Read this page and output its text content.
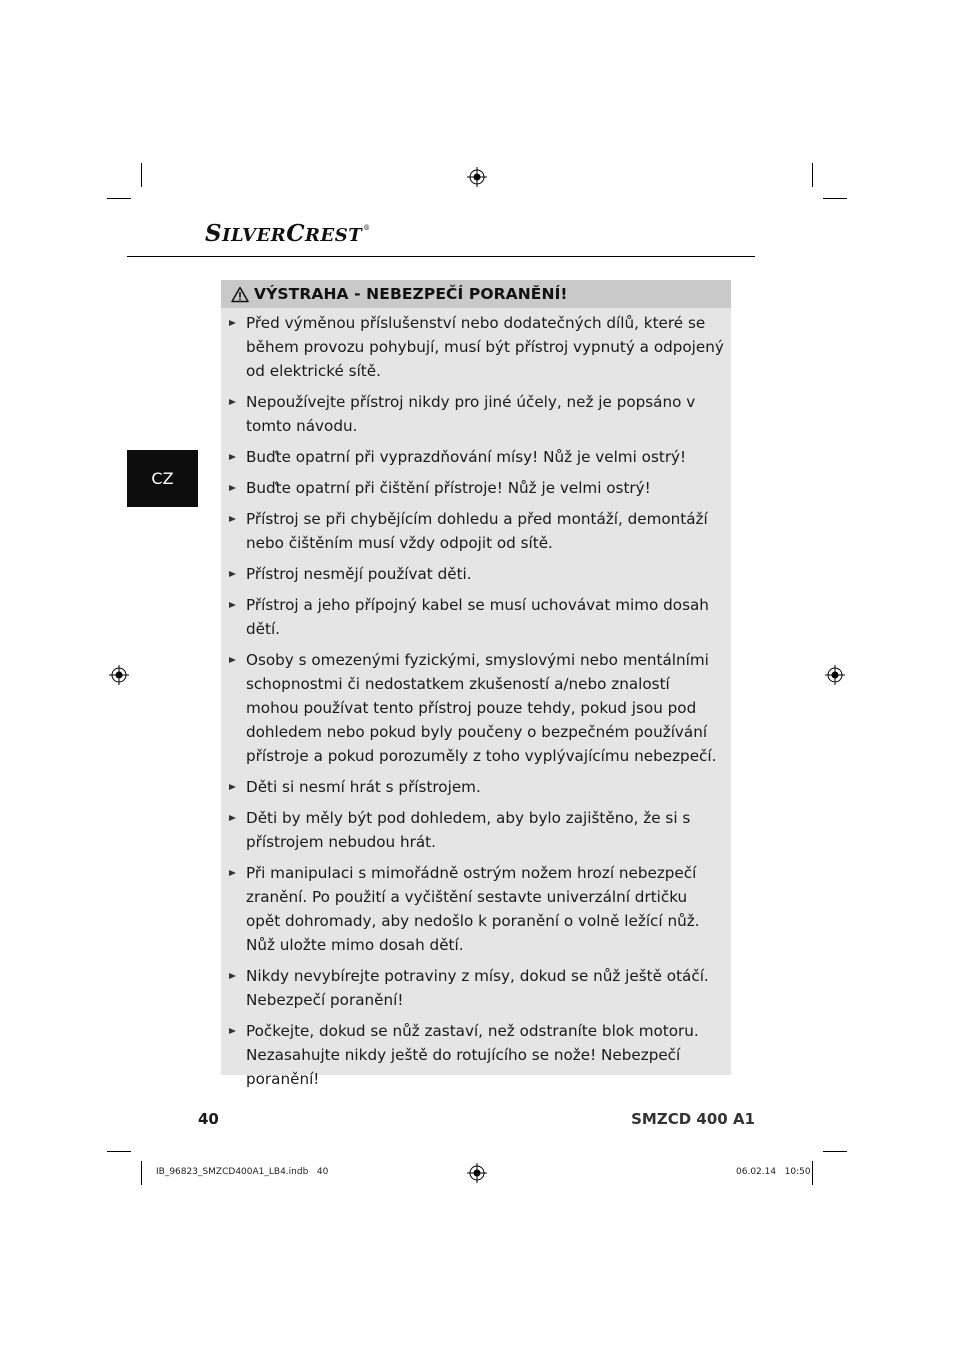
SILVERCREST®
CZ
VÝSTRAHA - NEBEZPEČÍ PORANĚNÍ!
Před výměnou příslušenství nebo dodatečných dílů, které se během provozu pohybují, musí být přístroj vypnutý a odpojený od elektrické sítě.
Nepoužívejte přístroj nikdy pro jiné účely, než je popsáno v tomto návodu.
Buďte opatrní při vyprazdňování mísy! Nůž je velmi ostrý!
Buďte opatrní při čištění přístroje! Nůž je velmi ostrý!
Přístroj se při chybějícím dohledu a před montáží, demontáží nebo čištěním musí vždy odpojit od sítě.
Přístroj nesmějí používat děti.
Přístroj a jeho přípojný kabel se musí uchovávat mimo dosah dětí.
Osoby s omezenými fyzickými, smyslovými nebo mentálními schopnostmi či nedostatkem zkušeností a/nebo znalostí mohou používat tento přístroj pouze tehdy, pokud jsou pod dohledem nebo pokud byly poučeny o bezpečném používání přístroje a pokud porozuměly z toho vyplývajícímu nebezpečí.
Děti si nesmí hrát s přístrojem.
Děti by měly být pod dohledem, aby bylo zajištěno, že si s přístrojem nebudou hrát.
Při manipulaci s mimořádně ostrým nožem hrozí nebezpečí zranění. Po použití a vyčištění sestavte univerzální drtičku opět dohromady, aby nedošlo k poranění o volně ležící nůž. Nůž uložte mimo dosah dětí.
Nikdy nevybírejte potraviny z mísy, dokud se nůž ještě otáčí. Nebezpečí poranění!
Počkejte, dokud se nůž zastaví, než odstraníte blok motoru. Nezasahujte nikdy ještě do rotujícího se nože! Nebezpečí poranění!
40	SMZCD 400 A1
IB_96823_SMZCD400A1_LB4.indb   40	06.02.14   10:50
